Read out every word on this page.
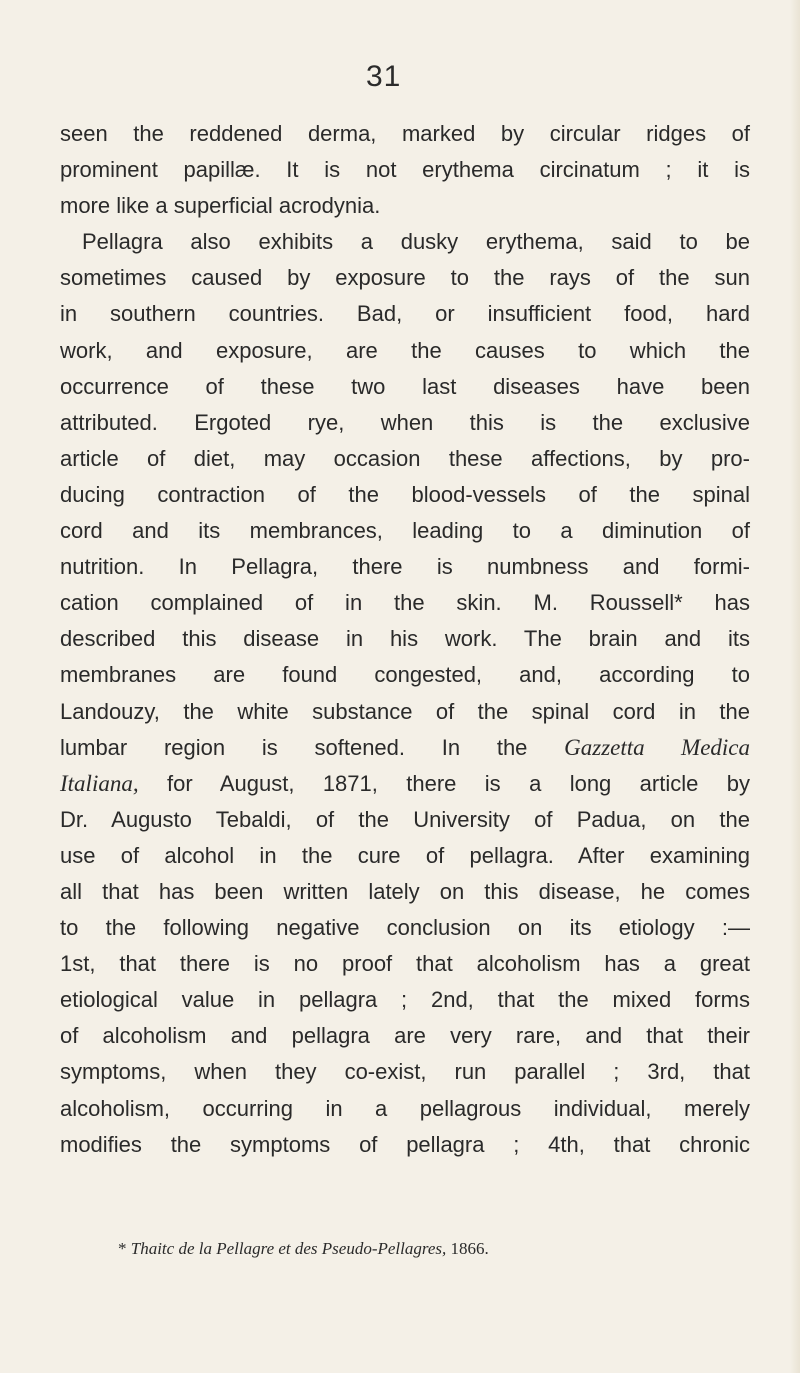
31
seen the reddened derma, marked by circular ridges of
prominent papillæ. It is not erythema circinatum ; it is
more like a superficial acrodynia.
Pellagra also exhibits a dusky erythema, said to be
sometimes caused by exposure to the rays of the sun
in southern countries. Bad, or insufficient food, hard
work, and exposure, are the causes to which the
occurrence of these two last diseases have been
attributed. Ergoted rye, when this is the exclusive
article of diet, may occasion these affections, by pro-
ducing contraction of the blood-vessels of the spinal
cord and its membrances, leading to a diminution of
nutrition. In Pellagra, there is numbness and formi-
cation complained of in the skin. M. Roussell* has
described this disease in his work. The brain and its
membranes are found congested, and, according to
Landouzy, the white substance of the spinal cord in the
lumbar region is softened. In the Gazzetta Medica
Italiana, for August, 1871, there is a long article by
Dr. Augusto Tebaldi, of the University of Padua, on the
use of alcohol in the cure of pellagra. After examining
all that has been written lately on this disease, he comes
to the following negative conclusion on its etiology :—
1st, that there is no proof that alcoholism has a great
etiological value in pellagra ; 2nd, that the mixed forms
of alcoholism and pellagra are very rare, and that their
symptoms, when they co-exist, run parallel ; 3rd, that
alcoholism, occurring in a pellagrous individual, merely
modifies the symptoms of pellagra ; 4th, that chronic
* Thaitc de la Pellagre et des Pseudo-Pellagres, 1866.
